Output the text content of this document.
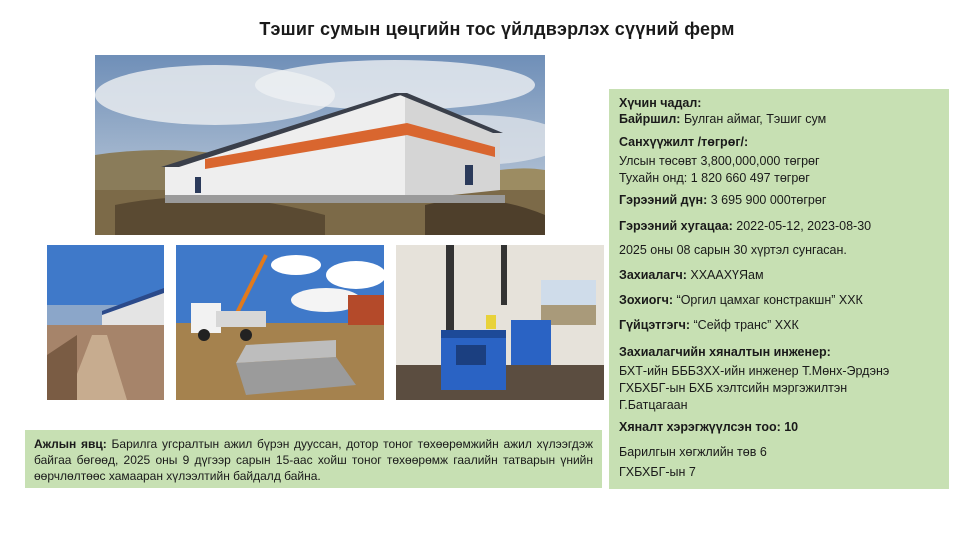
Тэшиг сумын цөцгийн тос үйлдвэрлэх сүүний ферм
Ажлын явц: Барилга угсралтын ажил бүрэн дууссан, дотор тоног төхөөрөмжийн ажил хүлээгдэж байгаа бөгөөд, 2025 оны 9 дүгээр сарын 15-аас хойш тоног төхөөрөмж гаалийн татварын үнийн өөрчлөлтөөс хамааран хүлээлтийн байдалд байна.
Хүчин чадал:
Байршил: Булган аймаг, Тэшиг сум
Санхүүжилт /төгрөг/:
Улсын төсөвт 3,800,000,000 төгрөг
Тухайн онд: 1 820 660 497 төгрөг
Гэрээний дүн: 3 695 900 000төгрөг
Гэрээний хугацаа: 2022-05-12, 2023-08-30
2025 оны 08 сарын 30 хүртэл сунгасан.
Захиалагч: ХХААХҮЯам
Зохиогч: “Оргил цамхаг констракшн” ХХК
Гүйцэтгэгч: “Сейф транс” ХХК
Захиалагчийн хяналтын инженер:
БХТ-ийн БББЗХХ-ийн инженер Т.Мөнх-Эрдэнэ
ГХБХБГ-ын БХБ хэлтсийн мэргэжилтэн
Г.Батцагаан
Хяналт хэрэгжүүлсэн тоо: 10
Барилгын хөгжлийн төв 6
ГХБХБГ-ын 7
